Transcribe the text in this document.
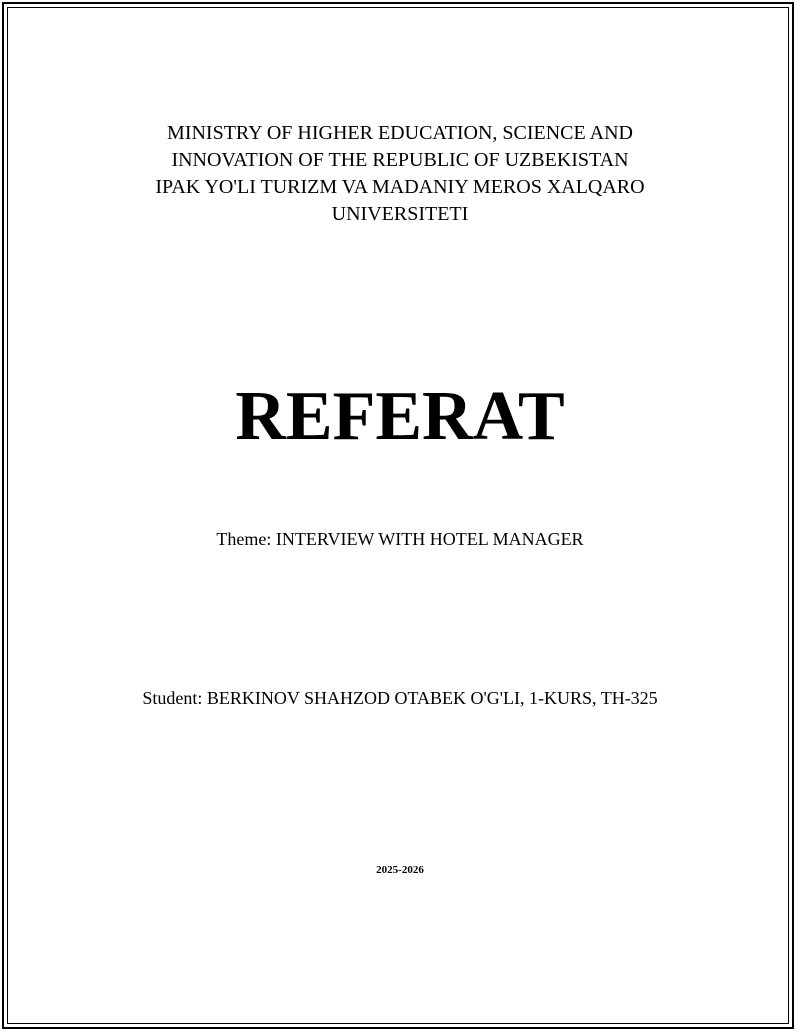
MINISTRY OF HIGHER EDUCATION, SCIENCE AND
INNOVATION OF THE REPUBLIC OF UZBEKISTAN
IPAK YO'LI TURIZM VA MADANIY MEROS XALQARO
UNIVERSITETI
REFERAT
Theme: INTERVIEW WITH HOTEL MANAGER
Student: BERKINOV SHAHZOD OTABEK O'G'LI, 1-KURS, TH-325
2025-2026
